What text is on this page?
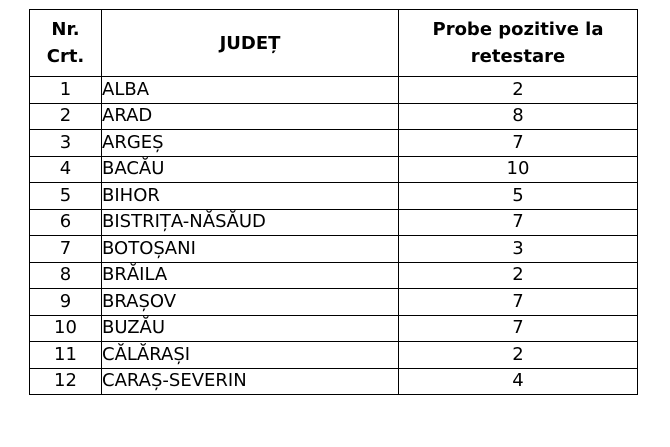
Nr.
Crt.	JUDEȚ	Probe pozitive la
retestare

1	ALBA	2
2	ARAD	8
3	ARGEȘ	7
4	BACĂU	10
5	BIHOR	5
6	BISTRIȚA-NĂSĂUD	7
7	BOTOȘANI	3
8	BRĂILA	2
9	BRAȘOV	7
10	BUZĂU	7
11	CĂLĂRAȘI	2
12	CARAȘ-SEVERIN	4
